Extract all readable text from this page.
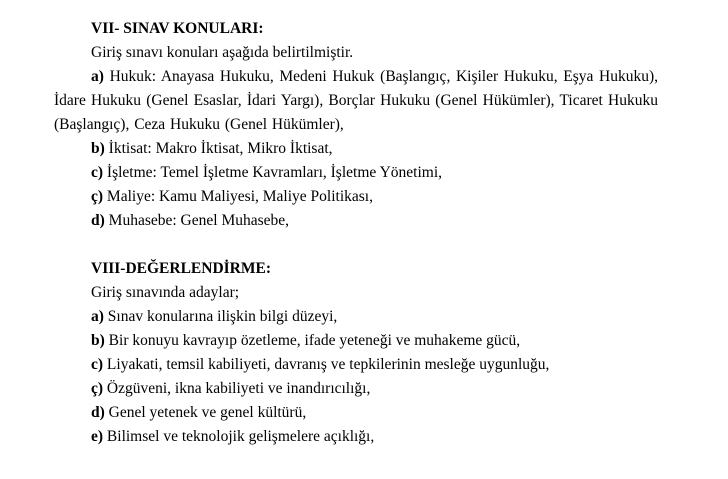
VII- SINAV KONULARI:
Giriş sınavı konuları aşağıda belirtilmiştir.
a) Hukuk: Anayasa Hukuku, Medeni Hukuk (Başlangıç, Kişiler Hukuku, Eşya Hukuku), İdare Hukuku (Genel Esaslar, İdari Yargı), Borçlar Hukuku (Genel Hükümler), Ticaret Hukuku (Başlangıç), Ceza Hukuku (Genel Hükümler),
b) İktisat: Makro İktisat, Mikro İktisat,
c) İşletme: Temel İşletme Kavramları, İşletme Yönetimi,
ç) Maliye: Kamu Maliyesi, Maliye Politikası,
d) Muhasebe: Genel Muhasebe,
VIII-DEĞERLENDİRME:
Giriş sınavında adaylar;
a) Sınav konularına ilişkin bilgi düzeyi,
b) Bir konuyu kavrayıp özetleme, ifade yeteneği ve muhakeme gücü,
c) Liyakati, temsil kabiliyeti, davranış ve tepkilerinin mesleğe uygunluğu,
ç) Özgüveni, ikna kabiliyeti ve inandırıcılığı,
d) Genel yetenek ve genel kültürü,
e) Bilimsel ve teknolojik gelişmelere açıklığı,
